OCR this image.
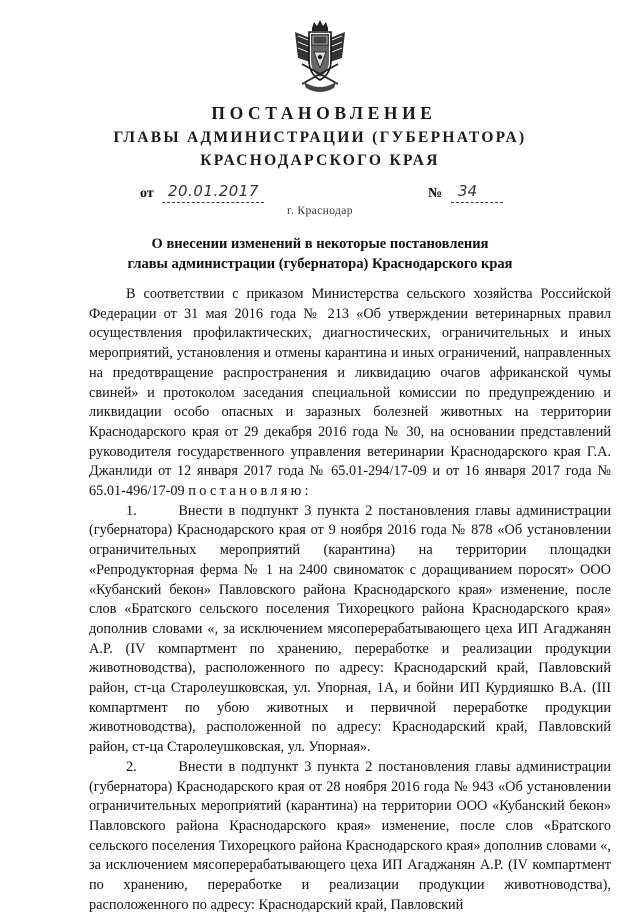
ПОСТАНОВЛЕНИЕ
ГЛАВЫ АДМИНИСТРАЦИИ (ГУБЕРНАТОРА)
КРАСНОДАРСКОГО КРАЯ
от 20.01.2017	№ 34
г. Краснодар
О внесении изменений в некоторые постановления
главы администрации (губернатора) Краснодарского края

В соответствии с приказом Министерства сельского хозяйства Российской Федерации от 31 мая 2016 года № 213 «Об утверждении ветеринарных правил осуществления профилактических, диагностических, ограничительных и иных мероприятий, установления и отмены карантина и иных ограничений, направленных на предотвращение распространения и ликвидацию очагов африканской чумы свиней» и протоколом заседания специальной комиссии по предупреждению и ликвидации особо опасных и заразных болезней животных на территории Краснодарского края от 29 декабря 2016 года № 30, на основании представлений руководителя государственного управления ветеринарии Краснодарского края Г.А. Джанлиди от 12 января 2017 года № 65.01-294/17-09 и от 16 января 2017 года № 65.01-496/17-09 постановляю:

1.	Внести в подпункт 3 пункта 2 постановления главы администрации (губернатора) Краснодарского края от 9 ноября 2016 года № 878 «Об установлении ограничительных мероприятий (карантина) на территории площадки «Репродукторная ферма № 1 на 2400 свиноматок с доращиванием поросят» ООО «Кубанский бекон» Павловского района Краснодарского края» изменение, после слов «Братского сельского поселения Тихорецкого района Краснодарского края» дополнив словами «, за исключением мясоперерабатывающего цеха ИП Агаджанян А.Р. (IV компартмент по хранению, переработке и реализации продукции животноводства), расположенного по адресу: Краснодарский край, Павловский район, ст-ца Старолеушковская, ул. Упорная, 1А, и бойни ИП Курдияшко В.А. (III компартмент по убою животных и первичной переработке продукции животноводства), расположенной по адресу: Краснодарский край, Павловский район, ст-ца Старолеушковская, ул. Упорная».

2.	Внести в подпункт 3 пункта 2 постановления главы администрации (губернатора) Краснодарского края от 28 ноября 2016 года № 943 «Об установлении ограничительных мероприятий (карантина) на территории ООО «Кубанский бекон» Павловского района Краснодарского края» изменение, после слов «Братского сельского поселения Тихорецкого района Краснодарского края» дополнив словами «, за исключением мясоперерабатывающего цеха ИП Агаджанян А.Р. (IV компартмент по хранению, переработке и реализации продукции животноводства), расположенного по адресу: Краснодарский край, Павловский
